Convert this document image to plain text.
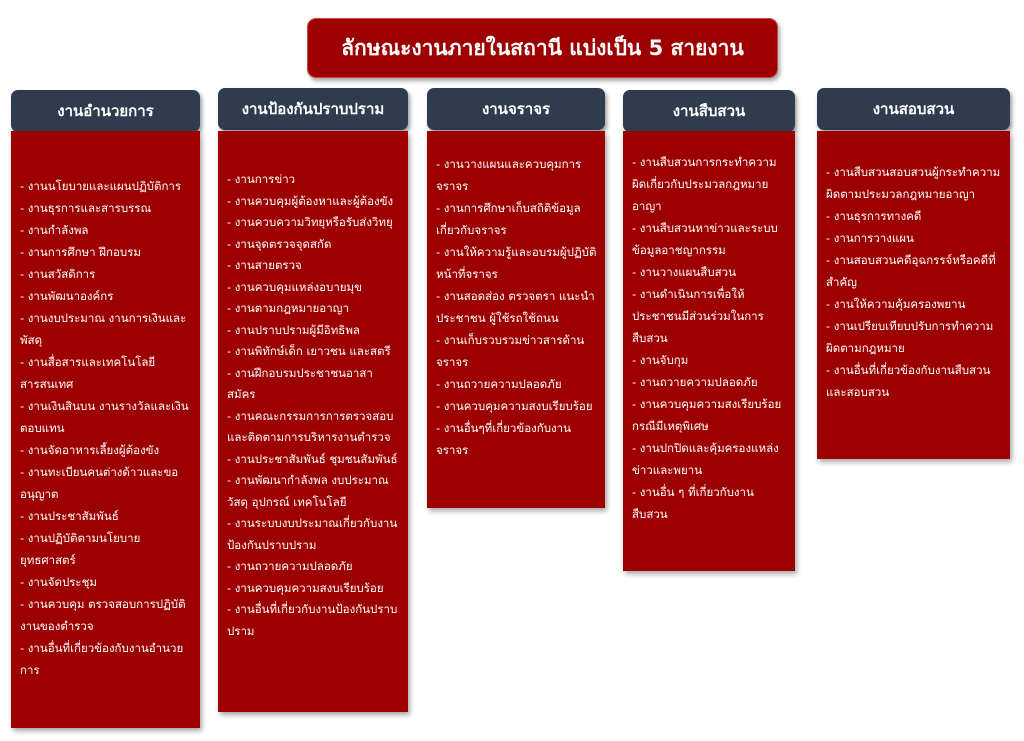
ลักษณะงานภายในสถานี แบ่งเป็น 5 สายงาน
งานอำนวยการ
- งานนโยบายและแผนปฏิบัติการ
- งานธุรการและสารบรรณ
- งานกำลังพล
- งานการศึกษา ฝึกอบรม
- งานสวัสดิการ
- งานพัฒนาองค์กร
- งานงบประมาณ งานการเงินและพัสดุ
- งานสื่อสารและเทคโนโลยีสารสนเทศ
- งานเงินสินบน งานรางวัลและเงินตอบแทน
- งานจัดอาหารเลี้ยงผู้ต้องขัง
- งานทะเบียนคนต่างด้าวและขออนุญาต
- งานประชาสัมพันธ์
- งานปฏิบัติตามนโยบายยุทธศาสตร์
- งานจัดประชุม
- งานควบคุม ตรวจสอบการปฏิบัติงานของตำรวจ
- งานอื่นที่เกี่ยวข้องกับงานอำนวยการ
งานป้องกันปราบปราม
- งานการข่าว
- งานควบคุมผู้ต้องหาและผู้ต้องขัง
- งานควบความวิทยุหรือรับส่งวิทยุ
- งานจุดตรวจจุดสกัด
- งานสายตรวจ
- งานควบคุมแหล่งอบายมุข
- งานตามกฎหมายอาญา
- งานปราบปรามผู้มีอิทธิพล
- งานพิทักษ์เด็ก เยาวชน และสตรี
- งานฝึกอบรมประชาชนอาสาสมัคร
- งานคณะกรรมการการตรวจสอบและติดตามการบริหารงานตำรวจ
- งานประชาสัมพันธ์ ชุมชนสัมพันธ์
- งานพัฒนากำลังพล งบประมาณ วัสดุ อุปกรณ์ เทคโนโลยี
- งานระบบงบประมาณเกี่ยวกับงานป้องกันปราบปราม
- งานถวายความปลอดภัย
- งานควบคุมความสงบเรียบร้อย
- งานอื่นที่เกี่ยวกับงานป้องกันปราบปราม
งานจราจร
- งานวางแผนและควบคุมการจราจร
- งานการศึกษาเก็บสถิติข้อมูลเกี่ยวกับจราจร
- งานให้ความรู้และอบรมผู้ปฏิบัติหน้าที่จราจร
- งานสอดส่อง ตรวจตรา แนะนำประชาชน ผู้ใช้รถใช้ถนน
- งานเก็บรวบรวมข่าวสารด้านจราจร
- งานถวายความปลอดภัย
- งานควบคุมความสงบเรียบร้อย
- งานอื่นๆที่เกี่ยวข้องกับงานจราจร
งานสืบสวน
- งานสืบสวนการกระทำความผิดเกี่ยวกับประมวลกฎหมายอาญา
- งานสืบสวนหาข่าวและระบบข้อมูลอาชญากรรม
- งานวางแผนสืบสวน
- งานดำเนินการเพื่อให้ประชาชนมีส่วนร่วมในการสืบสวน
- งานจับกุม
- งานถวายความปลอดภัย
- งานควบคุมความสงเรียบร้อยกรณีมีเหตุพิเศษ
- งานปกปิดและคุ้มครองแหล่งข่าวและพยาน
- งานอื่น ๆ ที่เกี่ยวกับงานสืบสวน
งานสอบสวน
- งานสืบสวนสอบสวนผู้กระทำความผิดตามประมวลกฎหมายอาญา
- งานธุรการทางคดี
- งานการวางแผน
- งานสอบสวนคดีอุฉกรรจ์หรือคดีที่สำคัญ
- งานให้ความคุ้มครองพยาน
- งานเปรียบเทียบปรับการทำความผิดตามกฎหมาย
- งานอื่นที่เกี่ยวข้องกับงานสืบสวนและสอบสวน
